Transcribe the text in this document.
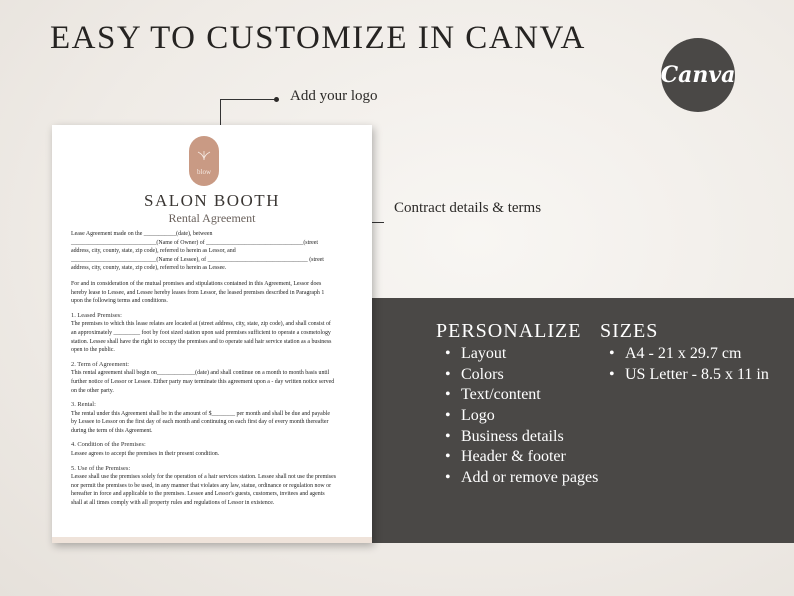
EASY TO CUSTOMIZE IN CANVA
Canva
Add your logo
Contract details & terms
PERSONALIZE
• Layout
• Colors
• Text/content
• Logo
• Business details
• Header & footer
• Add or remove pages
SIZES
• A4 - 21 x 29.7 cm
• US Letter - 8.5 x 11 in
blow
SALON BOOTH
Rental Agreement

Lease Agreement made on the ___________(date), between

_____________________________(Name of Owner) of _________________________________(street

address, city, county, state, zip code), referred to herein as Lessor, and

_____________________________(Name of Lessee), of __________________________________ (street

address, city, county, state, zip code), referred to herein as Lessee.

For and in consideration of the mutual promises and stipulations contained in this Agreement, Lessor does

hereby lease to Lessee, and Lessee hereby leases from Lessor, the leased premises described in Paragraph 1

upon the following terms and conditions.

1. Leased Premises:

The premises to which this lease relates are located at (street address, city, state, zip code), and shall consist of

an approximately _________ foot by foot sized station upon said premises sufficient to operate a cosmetology

station. Lessee shall have the right to occupy the premises and to operate said hair service station as a business

open to the public.

2. Term of Agreement:

This rental agreement shall begin on_____________(date) and shall continue on a month to month basis until

further notice of Lessor or Lessee. Either party may terminate this agreement upon a - day written notice served

on the other party.

3. Rental:

The rental under this Agreement shall be in the amount of $________ per month and shall be due and payable

by Lessee to Lessor on the first day of each month and continuing on each first day of every month thereafter

during the term of this Agreement.

4. Condition of the Premises:

Lessee agrees to accept the premises in their present condition.

5. Use of the Premises:

Lessee shall use the premises solely for the operation of a hair services station. Lessee shall not use the premises

nor permit the premises to be used, in any manner that violates any law, statue, ordinance or regulation now or

hereafter in force and applicable to the premises. Lessee and Lessor's guests, customers, invitees and agents

shall at all times comply with all property rules and regulations of Lessor in existence.
